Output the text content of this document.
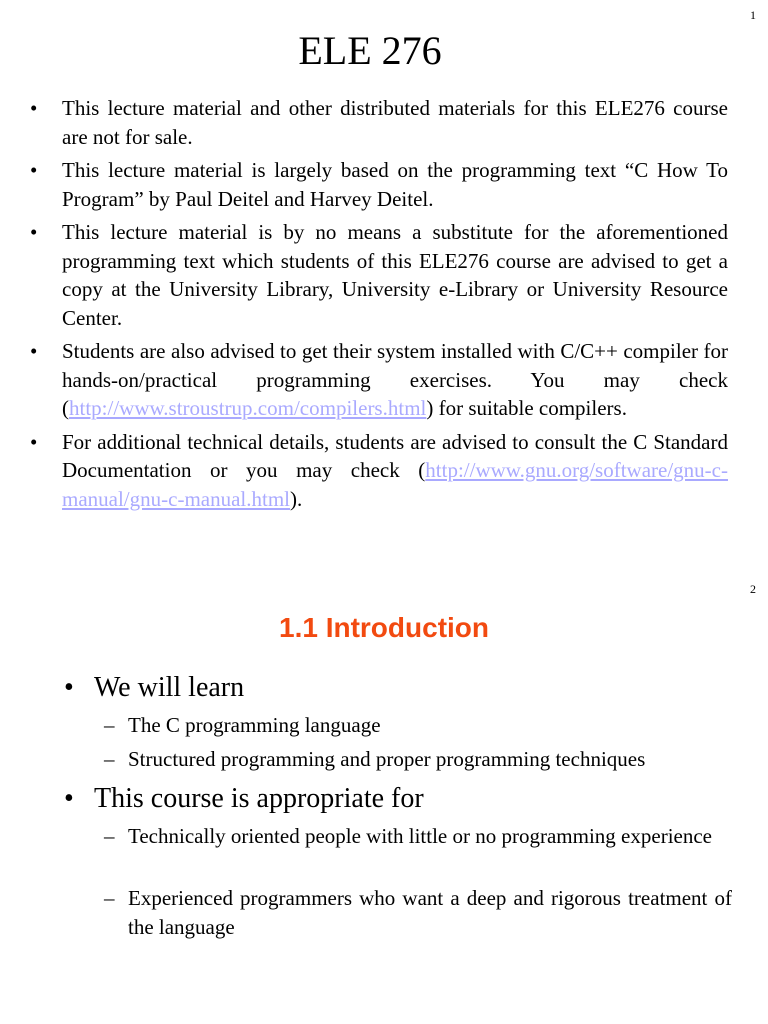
1
ELE 276
• This lecture material and other distributed materials for this ELE276 course are not for sale.
• This lecture material is largely based on the programming text “C How To Program” by Paul Deitel and Harvey Deitel.
• This lecture material is by no means a substitute for the aforementioned programming text which students of this ELE276 course are advised to get a copy at the University Library, University e-Library or University Resource Center.
• Students are also advised to get their system installed with C/C++ compiler for hands-on/practical programming exercises. You may check (http://www.stroustrup.com/compilers.html) for suitable compilers.
• For additional technical details, students are advised to consult the C Standard Documentation or you may check (http://www.gnu.org/software/gnu-c-manual/gnu-c-manual.html).
2
1.1 Introduction
• We will learn
– The C programming language
– Structured programming and proper programming techniques
• This course is appropriate for
– Technically oriented people with little or no programming experience
– Experienced programmers who want a deep and rigorous treatment of the language
